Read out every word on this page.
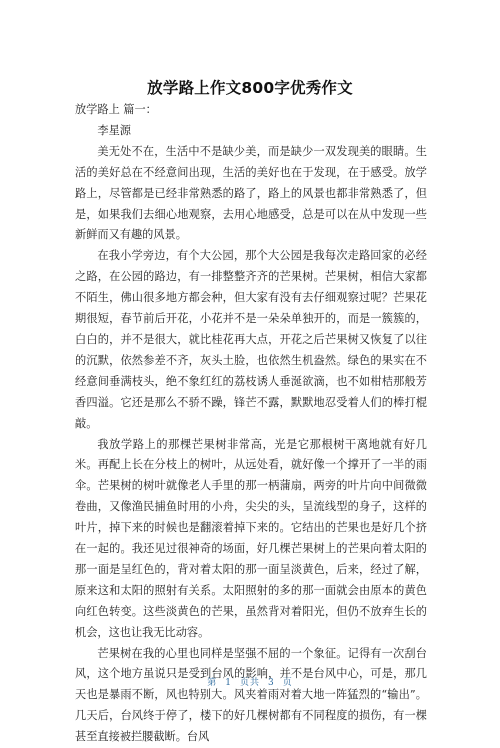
放学路上作文800字优秀作文

放学路上 篇一：

李星源

美无处不在，生活中不是缺少美，而是缺少一双发现美的眼睛。生活的美好总在不经意间出现，生活的美好也在于发现，在于感受。放学路上，尽管都是已经非常熟悉的路了，路上的风景也都非常熟悉了，但是，如果我们去细心地观察，去用心地感受，总是可以在从中发现一些新鲜而又有趣的风景。

在我小学旁边，有个大公园，那个大公园是我每次走路回家的必经之路，在公园的路边，有一排整整齐齐的芒果树。芒果树，相信大家都不陌生，佛山很多地方都会种，但大家有没有去仔细观察过呢？芒果花期很短，春节前后开花，小花并不是一朵朵单独开的，而是一簇簇的，白白的，并不是很大，就比桂花再大点，开花之后芒果树又恢复了以往的沉默，依然参差不齐，灰头土脸，也依然生机盎然。绿色的果实在不经意间垂满枝头，绝不象红红的荔枝诱人垂涎欲滴，也不如柑桔那般芳香四溢。它还是那么不骄不躁，锋芒不露，默默地忍受着人们的棒打棍敲。

我放学路上的那棵芒果树非常高，光是它那根树干离地就有好几米。再配上长在分枝上的树叶，从远处看，就好像一个撑开了一半的雨伞。芒果树的树叶就像老人手里的那一柄蒲扇，两旁的叶片向中间微微卷曲，又像渔民捕鱼时用的小舟，尖尖的头，呈流线型的身子，这样的叶片，掉下来的时候也是翻滚着掉下来的。它结出的芒果也是好几个挤在一起的。我还见过很神奇的场面，好几棵芒果树上的芒果向着太阳的那一面是呈红色的，背对着太阳的那一面呈淡黄色，后来，经过了解，原来这和太阳的照射有关系。太阳照射的多的那一面就会由原本的黄色向红色转变。这些淡黄色的芒果，虽然背对着阳光，但仍不放弃生长的机会，这也让我无比动容。

芒果树在我的心里也同样是坚强不屈的一个象征。记得有一次刮台风，这个地方虽说只是受到台风的影响，并不是台风中心，可是，那几天也是暴雨不断，风也特别大。风夹着雨对着大地一阵猛烈的“输出”。几天后，台风终于停了，楼下的好几棵树都有不同程度的损伤，有一棵甚至直接被拦腰截断。台风

第 1 页共 3 页
